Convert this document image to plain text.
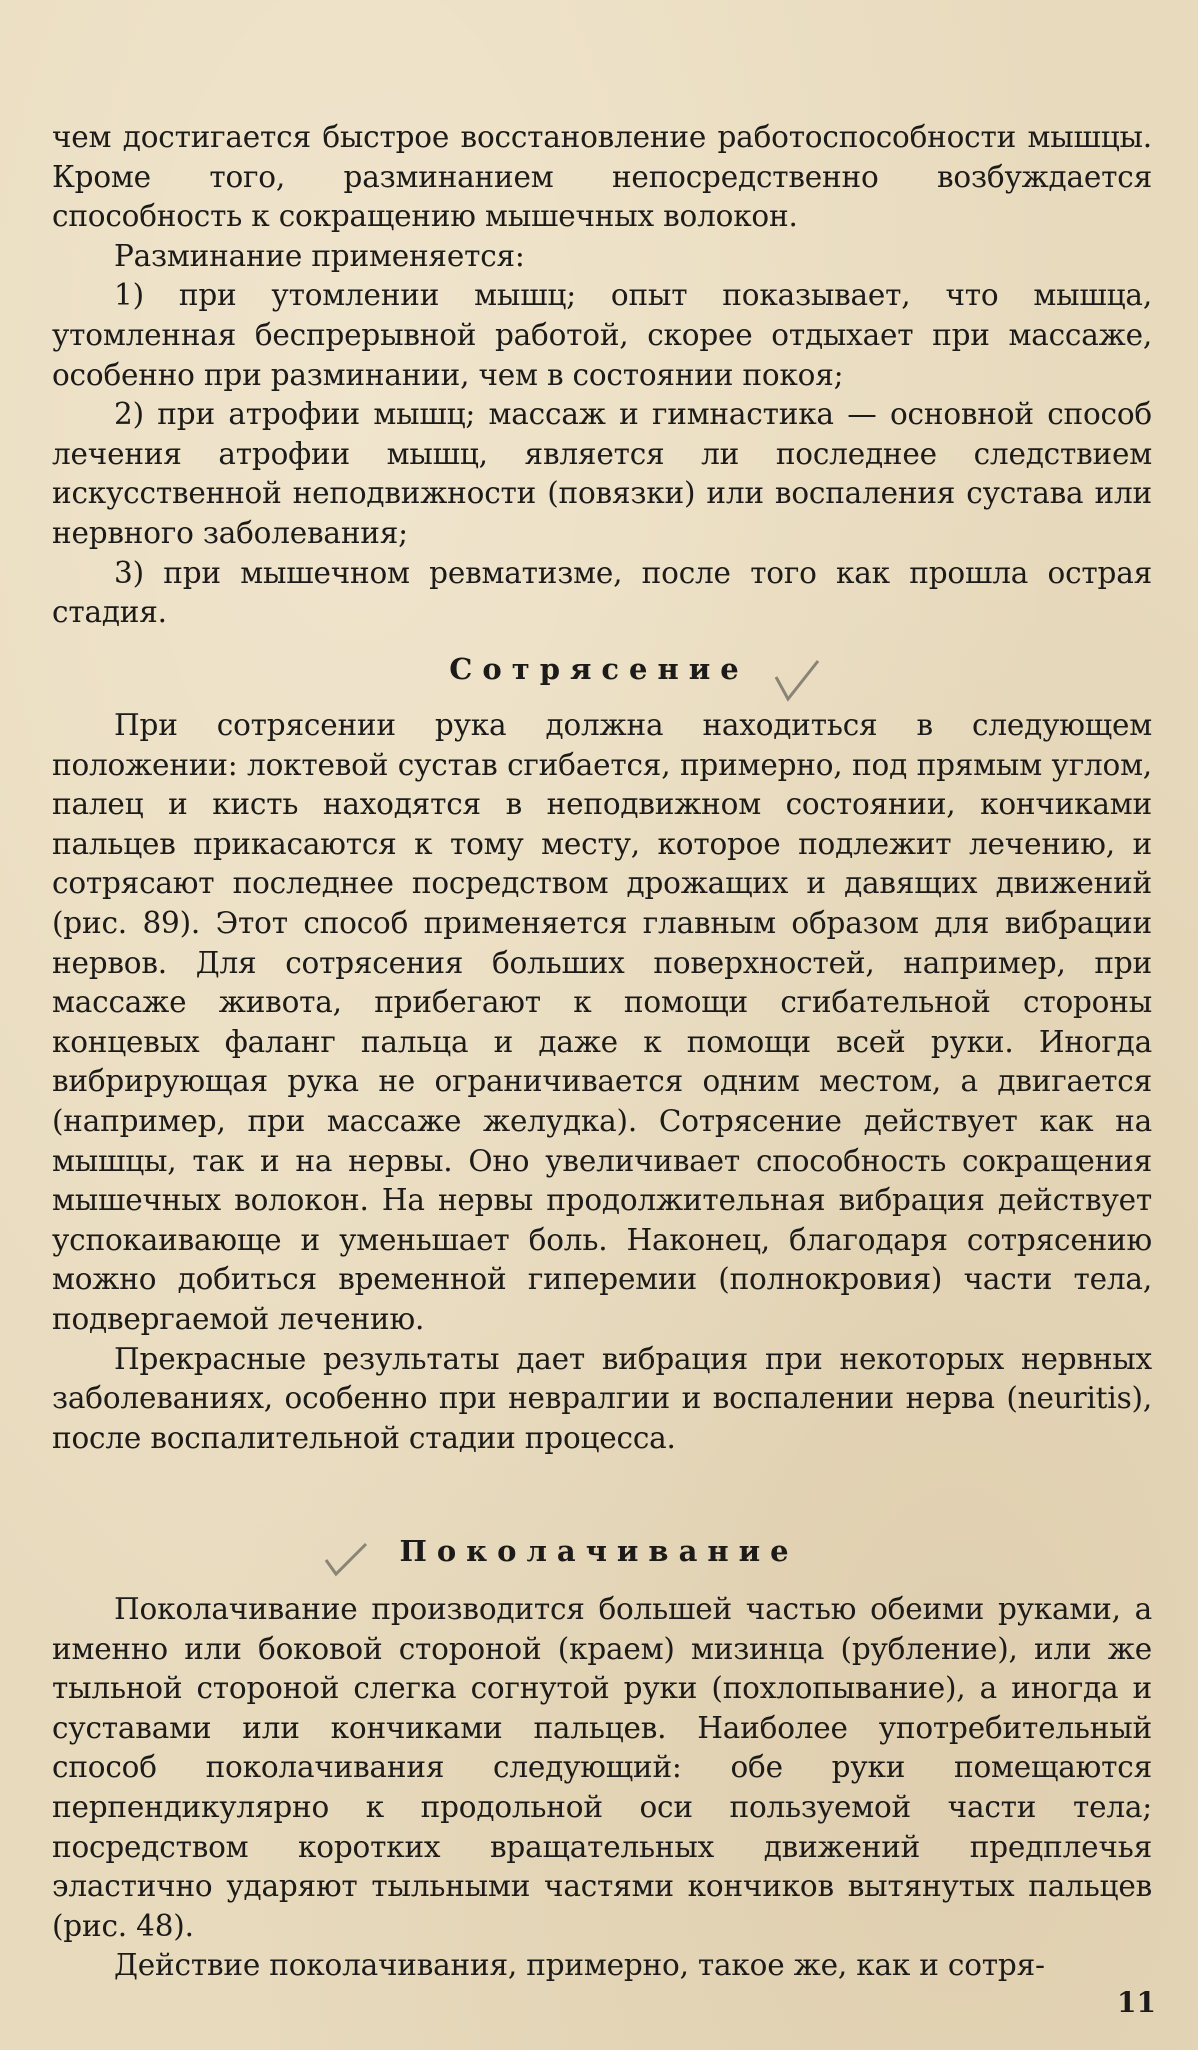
чем достигается быстрое восстановление работоспособности мышцы. Кроме того, разминанием непосредственно возбуждается способность к сокращению мышечных волокон.

Разминание применяется:

1) при утомлении мышц; опыт показывает, что мышца, утомленная беспрерывной работой, скорее отдыхает при массаже, особенно при разминании, чем в состоянии покоя;

2) при атрофии мышц; массаж и гимнастика — основной способ лечения атрофии мышц, является ли последнее следствием искусственной неподвижности (повязки) или воспаления сустава или нервного заболевания;

3) при мышечном ревматизме, после того как прошла острая стадия.

Сотрясение

При сотрясении рука должна находиться в следующем положении: локтевой сустав сгибается, примерно, под прямым углом, палец и кисть находятся в неподвижном состоянии, кончиками пальцев прикасаются к тому месту, которое подлежит лечению, и сотрясают последнее посредством дрожащих и давящих движений (рис. 89). Этот способ применяется главным образом для вибрации нервов. Для сотрясения больших поверхностей, например, при массаже живота, прибегают к помощи сгибательной стороны концевых фаланг пальца и даже к помощи всей руки. Иногда вибрирующая рука не ограничивается одним местом, а двигается (например, при массаже желудка). Сотрясение действует как на мышцы, так и на нервы. Оно увеличивает способность сокращения мышечных волокон. На нервы продолжительная вибрация действует успокаивающе и уменьшает боль. Наконец, благодаря сотрясению можно добиться временной гиперемии (полнокровия) части тела, подвергаемой лечению.

Прекрасные результаты дает вибрация при некоторых нервных заболеваниях, особенно при невралгии и воспалении нерва (neuritis), после воспалительной стадии процесса.

Поколачивание

Поколачивание производится большей частью обеими руками, а именно или боковой стороной (краем) мизинца (рубление), или же тыльной стороной слегка согнутой руки (похлопывание), а иногда и суставами или кончиками пальцев. Наиболее употребительный способ поколачивания следующий: обе руки помещаются перпендикулярно к продольной оси пользуемой части тела; посредством коротких вращательных движений предплечья эластично ударяют тыльными частями кончиков вытянутых пальцев (рис. 48).

Действие поколачивания, примерно, такое же, как и сотря-

11
